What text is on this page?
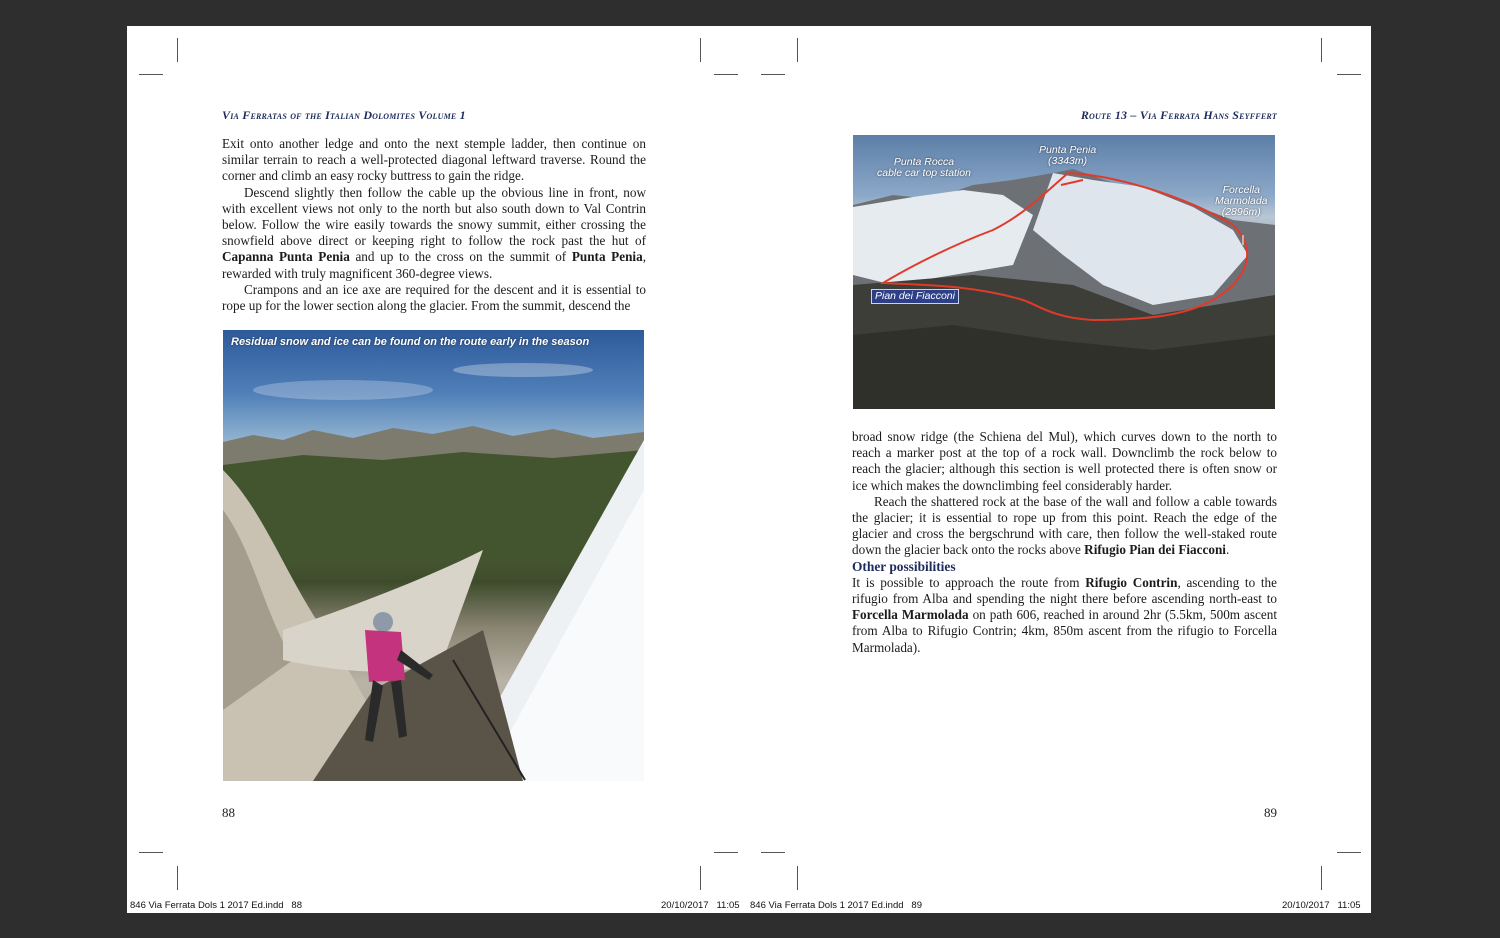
Via Ferratas of the Italian Dolomites Volume 1

Exit onto another ledge and onto the next stemple ladder, then continue on similar terrain to reach a well-protected diagonal leftward traverse. Round the corner and climb an easy rocky buttress to gain the ridge.

Descend slightly then follow the cable up the obvious line in front, now with excellent views not only to the north but also south down to Val Contrin below. Follow the wire easily towards the snowy summit, either crossing the snowfield above direct or keeping right to follow the rock past the hut of Capanna Punta Penia and up to the cross on the summit of Punta Penia, rewarded with truly magnificent 360-degree views.

Crampons and an ice axe are required for the descent and it is essential to rope up for the lower section along the glacier. From the summit, descend the

Residual snow and ice can be found on the route early in the season
88
Route 13 – Via Ferrata Hans Seyffert
Punta Rocca
cable car top station
Punta Penia
(3343m)
Forcella
Marmolada
(2896m)
Pian dei Fiacconi

broad snow ridge (the Schiena del Mul), which curves down to the north to reach a marker post at the top of a rock wall. Downclimb the rock below to reach the glacier; although this section is well protected there is often snow or ice which makes the downclimbing feel considerably harder.

Reach the shattered rock at the base of the wall and follow a cable towards the glacier; it is essential to rope up from this point. Reach the edge of the glacier and cross the bergschrund with care, then follow the well-staked route down the glacier back onto the rocks above Rifugio Pian dei Fiacconi.

Other possibilities

It is possible to approach the route from Rifugio Contrin, ascending to the rifugio from Alba and spending the night there before ascending north-east to Forcella Marmolada on path 606, reached in around 2hr (5.5km, 500m ascent from Alba to Rifugio Contrin; 4km, 850m ascent from the rifugio to Forcella Marmolada).

89
846 Via Ferrata Dols 1 2017 Ed.indd   88	20/10/2017   11:05 846 Via Ferrata Dols 1 2017 Ed.indd   89	20/10/2017   11:05
